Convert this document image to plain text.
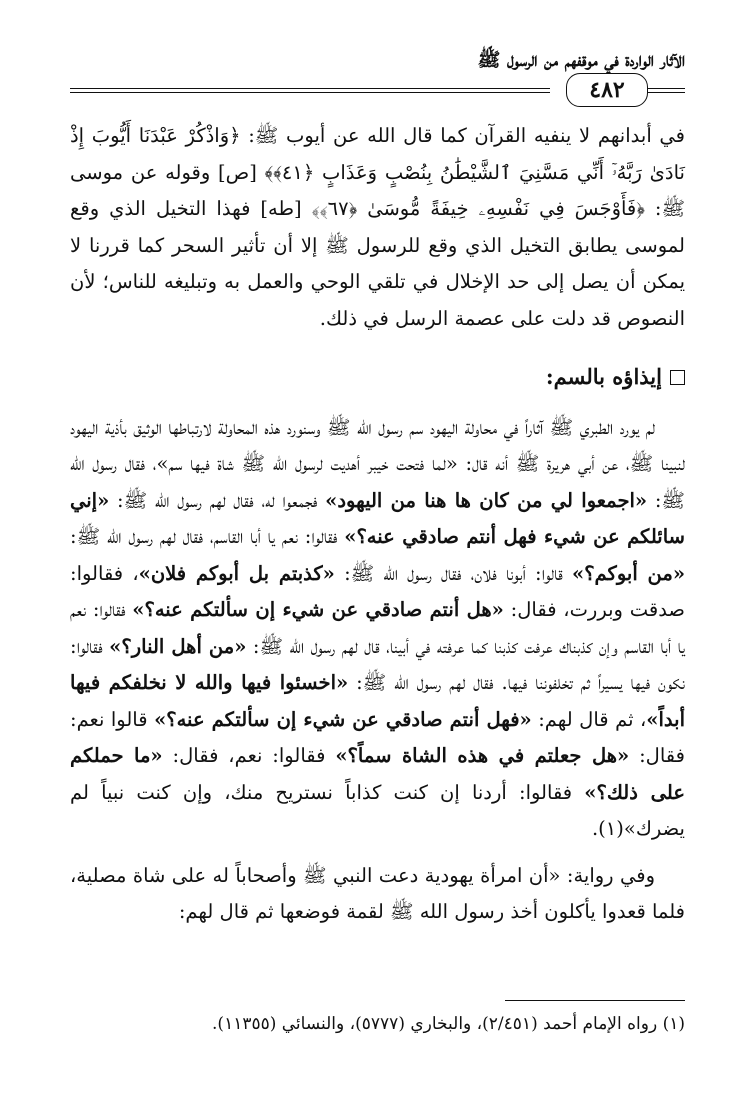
الآثار الواردة في موقفهم من الرسول ﷺ
٤٨٢

في أبدانهم لا ينفيه القرآن كما قال الله عن أيوب ﷺ: ﴿وَاذْكُرْ عَبْدَنَا أَيُّوبَ إِذْ نَادَىٰ رَبَّهُۥٓ أَنِّي مَسَّنِيَ ٱلشَّيْطَٰنُ بِنُصْبٍ وَعَذَابٍ ﴿٤١﴾﴾ [ص] وقوله عن موسى ﷺ: ﴿فَأَوْجَسَ فِي نَفْسِهِۦ خِيفَةً مُّوسَىٰ ﴿٦٧﴾﴾ [طه] فهذا التخيل الذي وقع لموسى يطابق التخيل الذي وقع للرسول ﷺ إلا أن تأثير السحر كما قررنا لا يمكن أن يصل إلى حد الإخلال في تلقي الوحي والعمل به وتبليغه للناس؛ لأن النصوص قد دلت على عصمة الرسل في ذلك.

إيذاؤه بالسم:

لم يورد الطبري ﷺ آثاراً في محاولة اليهود سم رسول الله ﷺ وسنورد هذه المحاولة لارتباطها الوثيق بأذية اليهود لنبينا ﷺ، عن أبي هريرة ﷺ أنه قال: «لما فتحت خيبر أهديت لرسول الله ﷺ شاة فيها سم»، فقال رسول الله ﷺ: «اجمعوا لي من كان ها هنا من اليهود» فجمعوا له، فقال لهم رسول الله ﷺ: «إني سائلكم عن شيء فهل أنتم صادقي عنه؟» فقالوا: نعم يا أبا القاسم، فقال لهم رسول الله ﷺ: «من أبوكم؟» قالوا: أبونا فلان، فقال رسول الله ﷺ: «كذبتم بل أبوكم فلان»، فقالوا: صدقت وبررت، فقال: «هل أنتم صادقي عن شيء إن سألتكم عنه؟» فقالوا: نعم يا أبا القاسم وإن كذبناك عرفت كذبنا كما عرفته في أبينا، قال لهم رسول الله ﷺ: «من أهل النار؟» فقالوا: نكون فيها يسيراً ثم تخلفوننا فيها. فقال لهم رسول الله ﷺ: «اخسئوا فيها والله لا نخلفكم فيها أبداً»، ثم قال لهم: «فهل أنتم صادقي عن شيء إن سألتكم عنه؟» قالوا نعم: فقال: «هل جعلتم في هذه الشاة سماً؟» فقالوا: نعم، فقال: «ما حملكم على ذلك؟» فقالوا: أردنا إن كنت كذاباً نستريح منك، وإن كنت نبياً لم يضرك»(١).

وفي رواية: «أن امرأة يهودية دعت النبي ﷺ وأصحاباً له على شاة مصلية، فلما قعدوا يأكلون أخذ رسول الله ﷺ لقمة فوضعها ثم قال لهم:

(١) رواه الإمام أحمد (٢/٤٥١)، والبخاري (٥٧٧٧)، والنسائي (١١٣٥٥).
